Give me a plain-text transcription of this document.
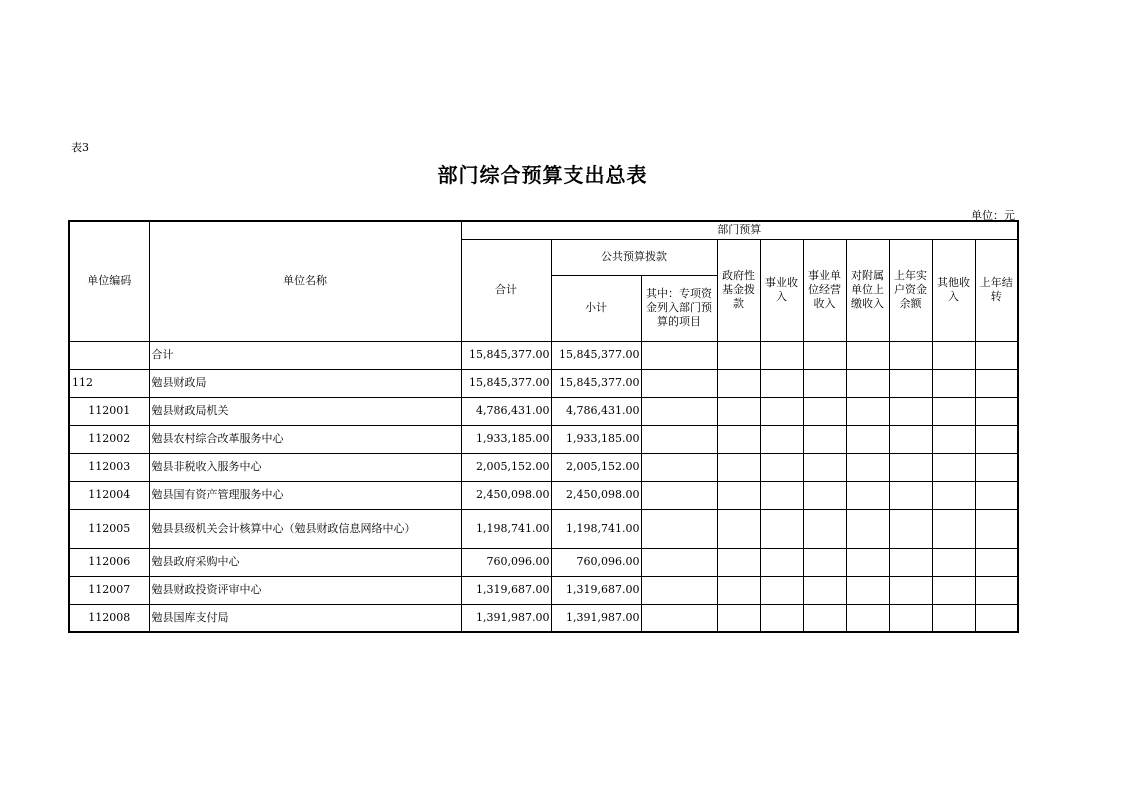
表3
部门综合预算支出总表
单位：元
单位编码	单位名称	部门预算									
		合计	公共预算拨款		政府性基金拨款	事业收入	事业单位经营收入	对附属单位上缴收入	上年实户资金余额	其他收入	上年结转
			小计	其中：专项资金列入部门预算的项目							
	合计	15,845,377.00	15,845,377.00								
112	勉县财政局	15,845,377.00	15,845,377.00								
112001	勉县财政局机关	4,786,431.00	4,786,431.00								
112002	勉县农村综合改革服务中心	1,933,185.00	1,933,185.00								
112003	勉县非税收入服务中心	2,005,152.00	2,005,152.00								
112004	勉县国有资产管理服务中心	2,450,098.00	2,450,098.00								
112005	勉县县级机关会计核算中心（勉县财政信息网络中心）	1,198,741.00	1,198,741.00								
112006	勉县政府采购中心	760,096.00	760,096.00								
112007	勉县财政投资评审中心	1,319,687.00	1,319,687.00								
112008	勉县国库支付局	1,391,987.00	1,391,987.00								
